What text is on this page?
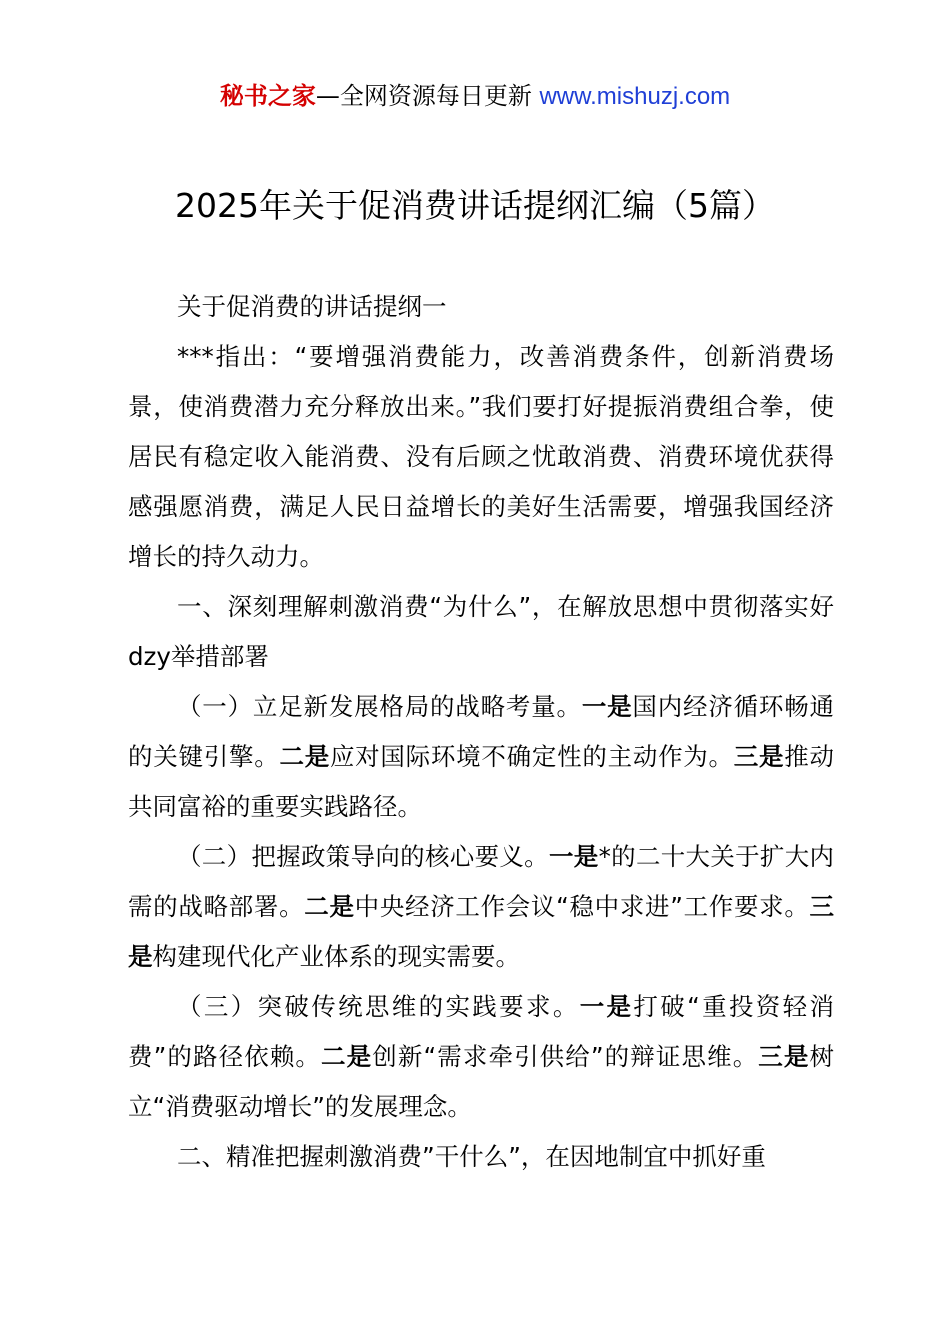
秘书之家—全网资源每日更新 www.mishuzj.com
2025年关于促消费讲话提纲汇编（5篇）

关于促消费的讲话提纲一

***指出：“要增强消费能力，改善消费条件，创新消费场景，使消费潜力充分释放出来。”我们要打好提振消费组合拳，使居民有稳定收入能消费、没有后顾之忧敢消费、消费环境优获得感强愿消费，满足人民日益增长的美好生活需要，增强我国经济增长的持久动力。

一、深刻理解刺激消费“为什么”，在解放思想中贯彻落实好dzy举措部署

（一）立足新发展格局的战略考量。一是国内经济循环畅通的关键引擎。二是应对国际环境不确定性的主动作为。三是推动共同富裕的重要实践路径。

（二）把握政策导向的核心要义。一是*的二十大关于扩大内需的战略部署。二是中央经济工作会议“稳中求进”工作要求。三是构建现代化产业体系的现实需要。

（三）突破传统思维的实践要求。一是打破“重投资轻消费”的路径依赖。二是创新“需求牵引供给”的辩证思维。三是树立“消费驱动增长”的发展理念。

二、精准把握刺激消费”干什么”，在因地制宜中抓好重
